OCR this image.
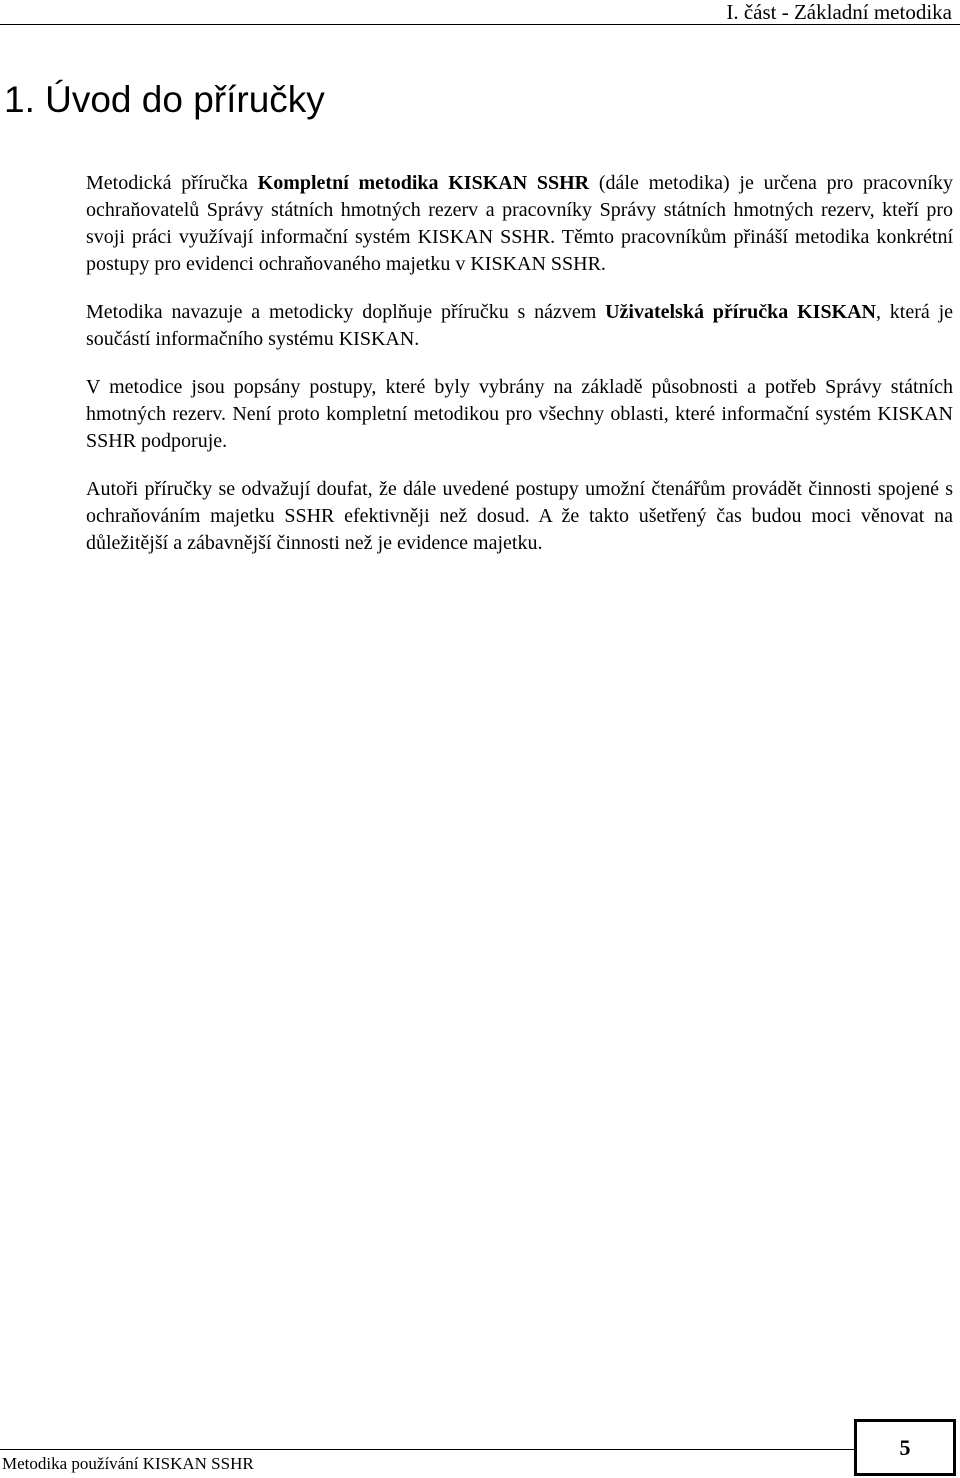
I. část - Základní metodika
1. Úvod do příručky

Metodická příručka Kompletní metodika KISKAN SSHR (dále metodika) je určena pro pracovníky ochraňovatelů Správy státních hmotných rezerv a pracovníky Správy státních hmotných rezerv, kteří pro svoji práci využívají informační systém KISKAN SSHR. Těmto pracovníkům přináší metodika konkrétní postupy pro evidenci ochraňovaného majetku v KISKAN SSHR.

Metodika navazuje a metodicky doplňuje příručku s názvem Uživatelská příručka KISKAN, která je součástí informačního systému KISKAN.

V metodice jsou popsány postupy, které byly vybrány na základě působnosti a potřeb Správy státních hmotných rezerv. Není proto kompletní metodikou pro všechny oblasti, které informační systém KISKAN SSHR podporuje.

Autoři příručky se odvažují doufat, že dále uvedené postupy umožní čtenářům provádět činnosti spojené s ochraňováním majetku SSHR efektivněji než dosud. A že takto ušetřený čas budou moci věnovat na důležitější a zábavnější činnosti než je evidence majetku.

Metodika používání KISKAN SSHR
5
